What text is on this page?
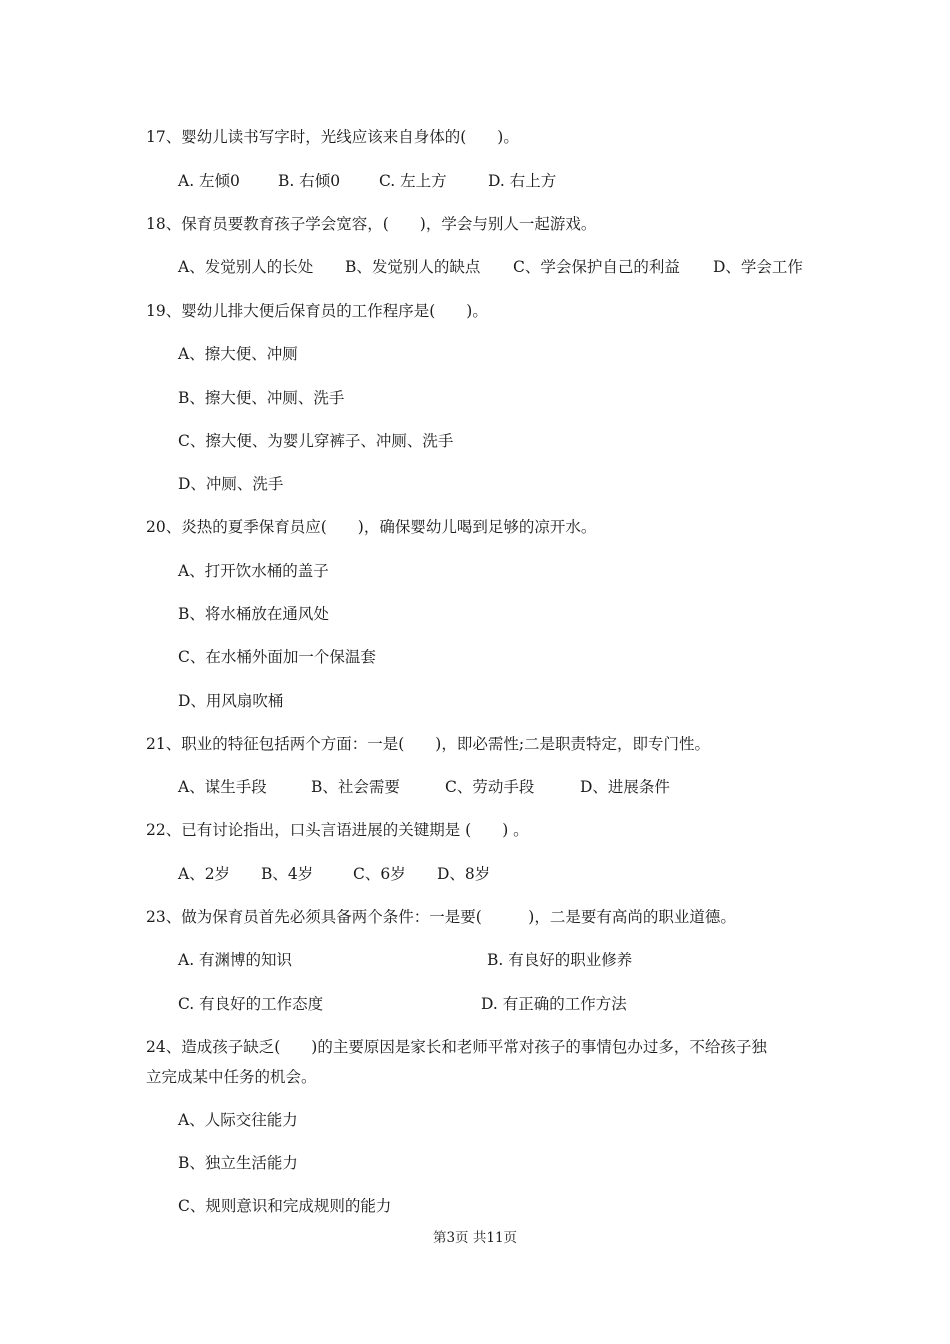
17、婴幼儿读书写字时，光线应该来自身体的(　　)。

A. 左倾0 B. 右倾0	C. 左上方	D. 右上方

18、保育员要教育孩子学会宽容，(　　)，学会与别人一起游戏。

A、发觉别人的长处 B、发觉别人的缺点 C、学会保护自己的利益 D、学会工作

19、婴幼儿排大便后保育员的工作程序是(　　)。

A、擦大便、冲厕

B、擦大便、冲厕、洗手

C、擦大便、为婴儿穿裤子、冲厕、洗手

D、冲厕、洗手

20、炎热的夏季保育员应(　　)，确保婴幼儿喝到足够的凉开水。

A、打开饮水桶的盖子

B、将水桶放在通风处

C、在水桶外面加一个保温套

D、用风扇吹桶

21、职业的特征包括两个方面：一是(　　)，即必需性;二是职责特定，即专门性。

A、谋生手段	B、社会需要	C、劳动手段	D、进展条件

22、已有讨论指出，口头言语进展的关键期是 (　　) 。

A、2岁 B、4岁	C、6岁 D、8岁

23、做为保育员首先必须具备两个条件：一是要(　　　)，二是要有高尚的职业道德。

A. 有渊博的知识	B. 有良好的职业修养
C. 有良好的工作态度	D. 有正确的工作方法

24、造成孩子缺乏(　　)的主要原因是家长和老师平常对孩子的事情包办过多，不给孩子独

立完成某中任务的机会。

A、人际交往能力

B、独立生活能力

C、规则意识和完成规则的能力

第3页 共11页
